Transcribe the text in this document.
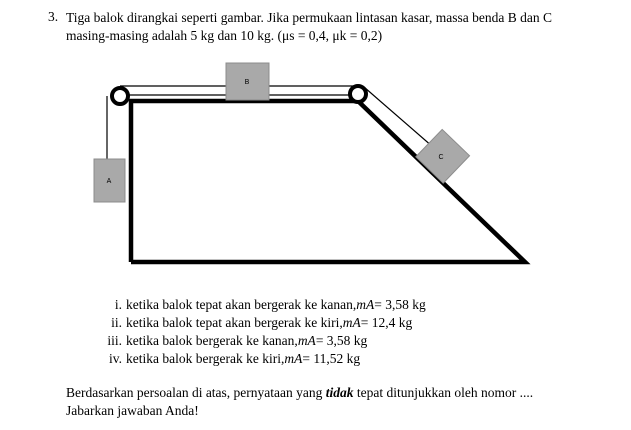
3. Tiga balok dirangkai seperti gambar. Jika permukaan lintasan kasar, massa benda B dan C
masing-masing adalah 5 kg dan 10 kg. (μs = 0,4, μk = 0,2)
A
B
C
i. ketika balok tepat akan bergerak ke kanan, mA = 3,58 kg
ii. ketika balok tepat akan bergerak ke kiri, mA = 12,4 kg
iii. ketika balok bergerak ke kanan, mA = 3,58 kg
iv. ketika balok bergerak ke kiri, mA = 11,52 kg
Berdasarkan persoalan di atas, pernyataan yang tidak tepat ditunjukkan oleh nomor ....
Jabarkan jawaban Anda!
